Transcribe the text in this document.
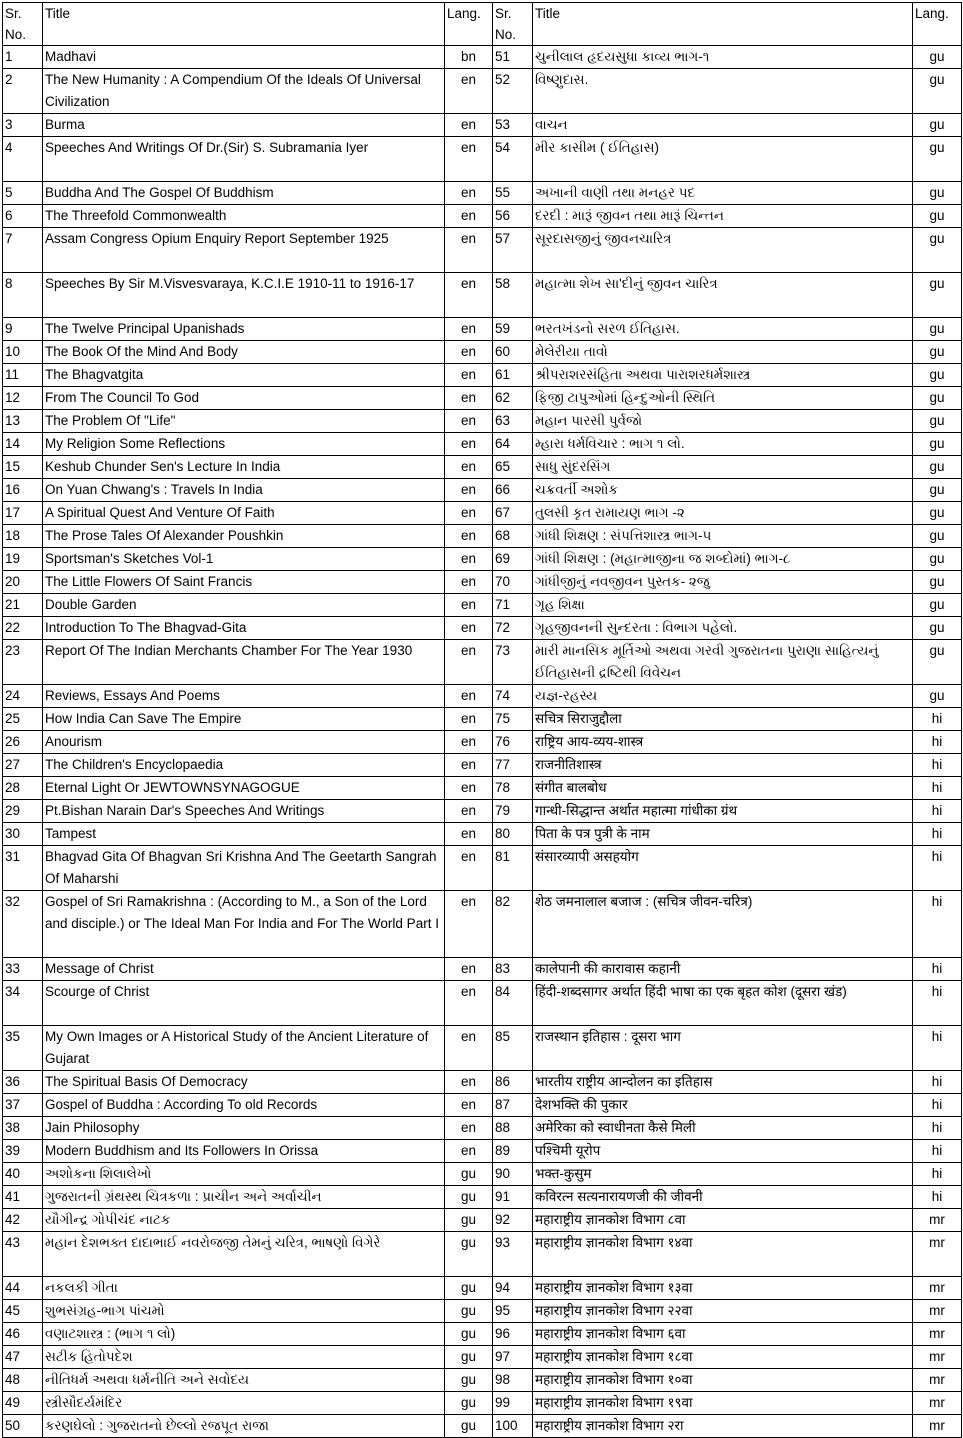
Sr. No.	Title	Lang.	Sr. No.	Title	Lang.
1	Madhavi	bn	51	ચુનીલાલ હૃદયસુધા કાવ્ય ભાગ-૧	gu
2	The New Humanity : A Compendium Of the Ideals Of Universal Civilization	en	52	વિષ્ણુદાસ.	gu
3	Burma	en	53	વાચન	gu
4	Speeches And Writings Of Dr.(Sir) S. Subramania Iyer	en	54	મીર કાસીમ ( ઈતિહાસ)	gu
5	Buddha And The Gospel Of Buddhism	en	55	અખાની વાણી તથા મનહર પદ	gu
6	The Threefold Commonwealth	en	56	દરદી : મારૂં જીવન તથા મારૂં ચિન્તન	gu
7	Assam Congress Opium Enquiry Report September 1925	en	57	સૂરદાસજીનું જીવનચારિત્ર	gu
8	Speeches By Sir M.Visvesvaraya, K.C.I.E 1910-11 to 1916-17	en	58	મહાત્મા શેખ સા'દીનું જીવન ચારિત્ર	gu
9	The Twelve Principal Upanishads	en	59	ભરતખંડનો સરળ ઈતિહાસ.	gu
10	The Book Of the Mind And Body	en	60	મેલેરીયા તાવો	gu
11	The Bhagvatgita	en	61	શ્રીપરાશરસંહિતા અથવા પારાશરધર્મશાસ્ત્ર	gu
12	From The Council To God	en	62	ફિજી ટાપુઓમાં હિન્દુઓની સ્થિતિ	gu
13	The Problem Of "Life"	en	63	મહાન પારસી પુર્વજો	gu
14	My Religion Some Reflections	en	64	મ્હારા ધર્મવિચાર : ભાગ ૧ લો.	gu
15	Keshub Chunder Sen's Lecture In India	en	65	સાધુ સુંદરસિંગ	gu
16	On Yuan Chwang's : Travels In India	en	66	ચક્રવર્તી અશોક	gu
17	A Spiritual Quest And Venture Of Faith	en	67	તુલસી કૃત રામાયણ ભાગ -૨	gu
18	The Prose Tales Of Alexander Poushkin	en	68	ગાંધી શિક્ષણ : સંપત્તિશાસ્ત્ર ભાગ-૫	gu
19	Sportsman's Sketches Vol-1	en	69	ગાંધી શિક્ષણ : (મહાત્માજીના જ શબ્દોમાં) ભાગ-૮	gu
20	The Little Flowers Of Saint Francis	en	70	ગાંધીજીનું નવજીવન પુસ્તક- ૨જુ	gu
21	Double Garden	en	71	ગૃહ શિક્ષા	gu
22	Introduction To The Bhagvad-Gita	en	72	ગૃહજીવનની સુન્દરતા : વિભાગ પહેલો.	gu
23	Report Of The Indian Merchants Chamber For The Year 1930	en	73	મારી માનસિક મૂર્તિઓ અથવા ગરવી ગુજરાતના પુરાણા સાહિત્યનું ઈતિહાસની દ્રષ્ટિથી વિવેચન	gu
24	Reviews, Essays And Poems	en	74	યજ્ઞ-રહસ્ય	gu
25	How India Can Save The Empire	en	75	सचित्र सिराजुद्दौला	hi
26	Anourism	en	76	राष्ट्रिय आय-व्यय-शास्त्र	hi
27	The Children's Encyclopaedia	en	77	राजनीतिशास्त्र	hi
28	Eternal Light Or JEWTOWNSYNAGOGUE	en	78	संगीत बालबोध	hi
29	Pt.Bishan Narain Dar's Speeches And Writings	en	79	गान्धी-सिद्धान्त अर्थात महात्मा गांधीका ग्रंथ	hi
30	Tampest	en	80	पिता के पत्र पुत्री के नाम	hi
31	Bhagvad Gita Of Bhagvan Sri Krishna And The Geetarth Sangrah Of Maharshi	en	81	संसारव्यापी असहयोग	hi
32	Gospel of Sri Ramakrishna : (According to M., a Son of the Lord and disciple.) or The Ideal Man For India and For The World Part I	en	82	शेठ जमनालाल बजाज : (सचित्र जीवन-चरित्र)	hi
33	Message of Christ	en	83	कालेपानी की कारावास कहानी	hi
34	Scourge of Christ	en	84	हिंदी-शब्दसागर अर्थात हिंदी भाषा का एक बृहत कोश (दूसरा खंड)	hi
35	My Own Images or A Historical Study of the Ancient Literature of Gujarat	en	85	राजस्थान इतिहास : दूसरा भाग	hi
36	The Spiritual Basis Of Democracy	en	86	भारतीय राष्ट्रीय आन्दोलन का इतिहास	hi
37	Gospel of Buddha : According To old Records	en	87	देशभक्ति की पुकार	hi
38	Jain Philosophy	en	88	अमेरिका को स्वाधीनता कैसे मिली	hi
39	Modern Buddhism and Its Followers In Orissa	en	89	पश्चिमी यूरोप	hi
40	અશોકના શિલાલેખો	gu	90	भक्त-कुसुम	hi
41	ગુજરાતની ગ્રંથસ્થ ચિત્રકળા : પ્રાચીન અને અર્વાચીન	gu	91	कविरत्न सत्यनारायणजी की जीवनी	hi
42	યૌગીન્દ્ર ગોપીચંદ નાટક	gu	92	महाराष्ट्रीय ज्ञानकोश विभाग ८वा	mr
43	મહાન દેશભક્ત દાદાભાઈ નવરોજજી તેમનું ચરિત્ર, ભાષણો વિગેરે	gu	93	महाराष्ट्रीय ज्ञानकोश विभाग १४वा	mr
44	નકલકી ગીતા	gu	94	महाराष्ट्रीय ज्ञानकोश विभाग १३वा	mr
45	શુભસંગ્રહ-ભાગ પાંચમો	gu	95	महाराष्ट्रीय ज्ञानकोश विभाग २२वा	mr
46	વણાટશાસ્ત્ર : (ભાગ ૧ લો)	gu	96	महाराष्ट्रीय ज्ञानकोश विभाग ६वा	mr
47	સટીક હિતોપદેશ	gu	97	महाराष्ट्रीय ज्ञानकोश विभाग १८वा	mr
48	નીતિધર્મ અથવા ધર્મનીતિ અને સવોદય	gu	98	महाराष्ट्रीय ज्ञानकोश विभाग १०वा	mr
49	સ્ત્રીસૌદર્યમંદિર	gu	99	महाराष्ट्रीय ज्ञानकोश विभाग १९वा	mr
50	કરણઘેલો : ગુજરાતનો છેલ્લો રજપૂત રાજા	gu	100	महाराष्ट्रीय ज्ञानकोश विभाग २रा	mr
